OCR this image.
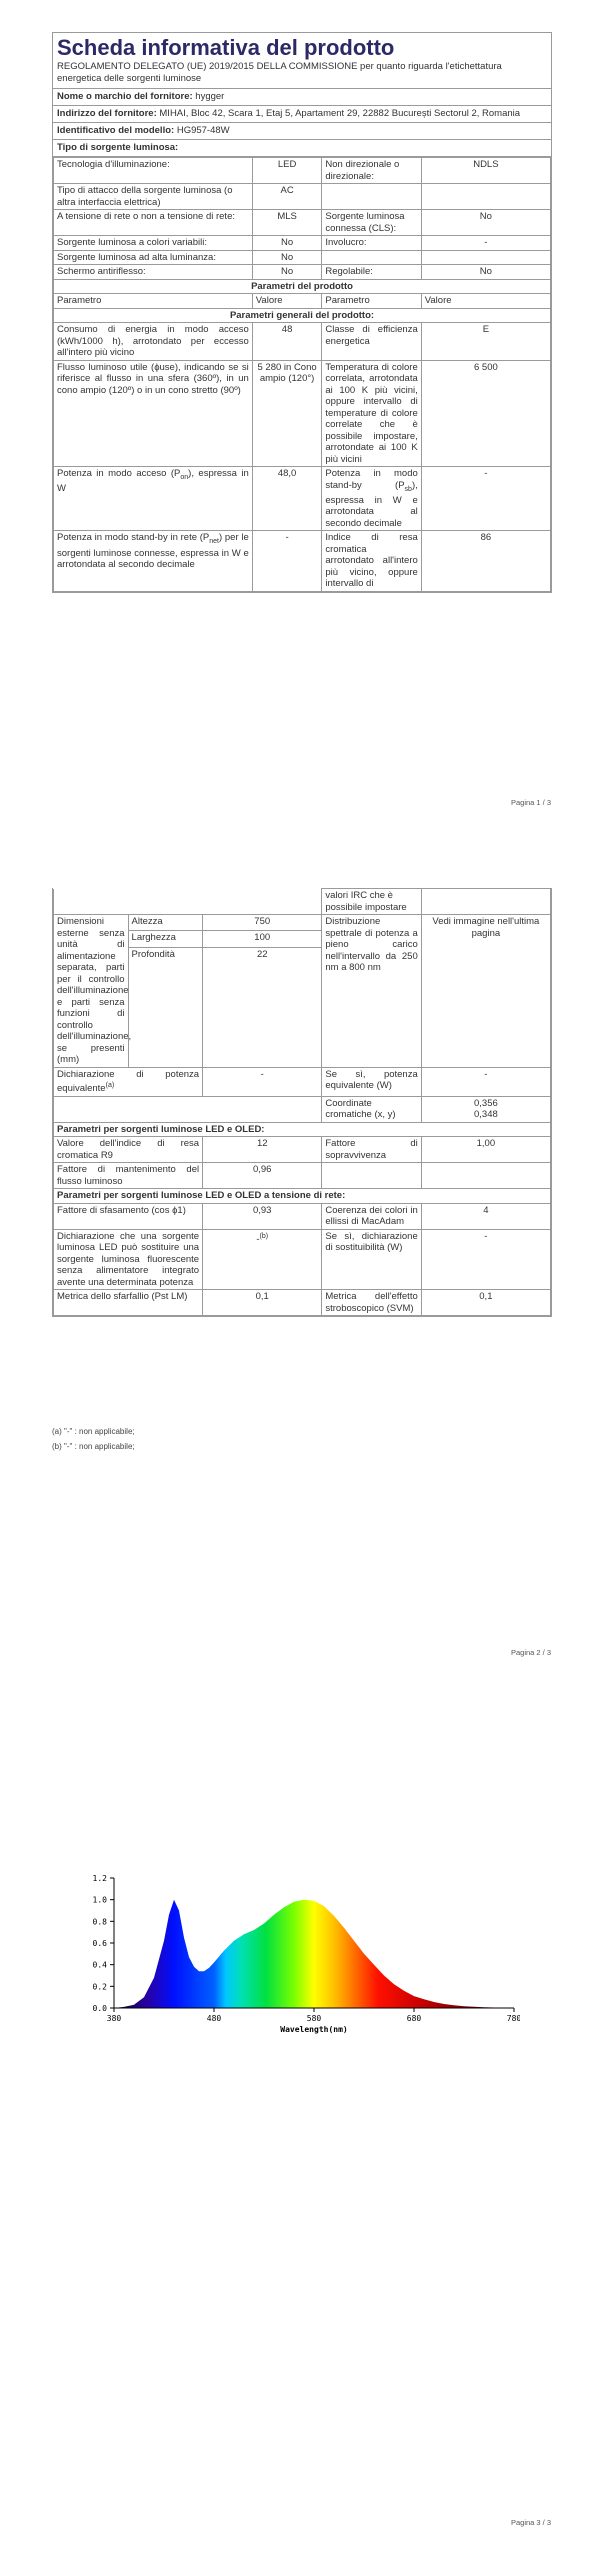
Scheda informativa del prodotto
REGOLAMENTO DELEGATO (UE) 2019/2015 DELLA COMMISSIONE per quanto riguarda l'etichettatura energetica delle sorgenti luminose
Nome o marchio del fornitore: hygger
Indirizzo del fornitore: MIHAI, Bloc 42, Scara 1, Etaj 5, Apartament 29, 22882 București Sectorul 2, Romania
Identificativo del modello: HG957-48W
Tipo di sorgente luminosa:
Tecnologia d'illuminazione:	LED	Non direzionale o direzionale:	NDLS
Tipo di attacco della sorgente luminosa (o altra interfaccia elettrica)	AC		
A tensione di rete o non a tensione di rete:	MLS	Sorgente luminosa connessa (CLS):	No
Sorgente luminosa a colori variabili:	No	Involucro:	-
Sorgente luminosa ad alta luminanza:	No		
Schermo antiriflesso:	No	Regolabile:	No
Parametri del prodotto			
Parametro	Valore	Parametro	Valore
Parametri generali del prodotto:			
Consumo di energia in modo acceso (kWh/1000 h), arrotondato per eccesso all'intero più vicino	48	Classe di efficienza energetica	E
Flusso luminoso utile (ϕuse), indicando se si riferisce al flusso in una sfera (360º), in un cono ampio (120º) o in un cono stretto (90º)	5 280 in Cono ampio (120°)	Temperatura di colore correlata, arrotondata ai 100 K più vicini, oppure intervallo di temperature di colore correlate che è possibile impostare, arrotondate ai 100 K più vicini	6 500
Potenza in modo acceso $(P_{on})$, espressa in W	48,0	Potenza in modo stand-by $(P_{sb})$, espressa in W e arrotondata al secondo decimale	-
Potenza in modo stand-by in rete $(P_{net})$ per le sorgenti luminose connesse, espressa in W e arrotondata al secondo decimale	-	Indice di resa cromatica arrotondato all'intero più vicino, oppure intervallo di	86
Pagina 1 / 3
			valori IRC che è possibile impostare	
Dimensioni esterne senza unità di alimentazione separata, parti per il controllo dell'illuminazione e parti senza funzioni di controllo dell'illuminazione, se presenti (mm)	Altezza	750	Distribuzione spettrale di potenza a pieno carico nell'intervallo da 250 nm a 800 nm	Vedi immagine nell'ultima pagina
	Larghezza	100		
	Profondità	22		
Dichiarazione di potenza equivalente$^{(a)}$		-	Se sì, potenza equivalente (W)	-
			Coordinate cromatiche (x, y)	0,356
0,348

Parametri per sorgenti luminose LED e OLED:				
Valore dell'indice di resa cromatica R9		12	Fattore di sopravvivenza	1,00
Fattore di mantenimento del flusso luminoso		0,96		
Parametri per sorgenti luminose LED e OLED a tensione di rete:				
Fattore di sfasamento (cos ϕ1)		0,93	Coerenza dei colori in ellissi di MacAdam	4
Dichiarazione che una sorgente luminosa LED può sostituire una sorgente luminosa fluorescente senza alimentatore integrato avente una determinata potenza		-$^{(b)}$	Se sì, dichiarazione di sostituibilità (W)	-
Metrica dello sfarfallio (Pst LM)		0,1	Metrica dell'effetto stroboscopico (SVM)	0,1
(a) "-" : non applicabile;
(b) "-" : non applicabile;
Pagina 2 / 3
0.0
0.2
0.4
0.6
0.8
1.0
1.2
380	480	580	680	780
Wavelength(nm)
Pagina 3 / 3
